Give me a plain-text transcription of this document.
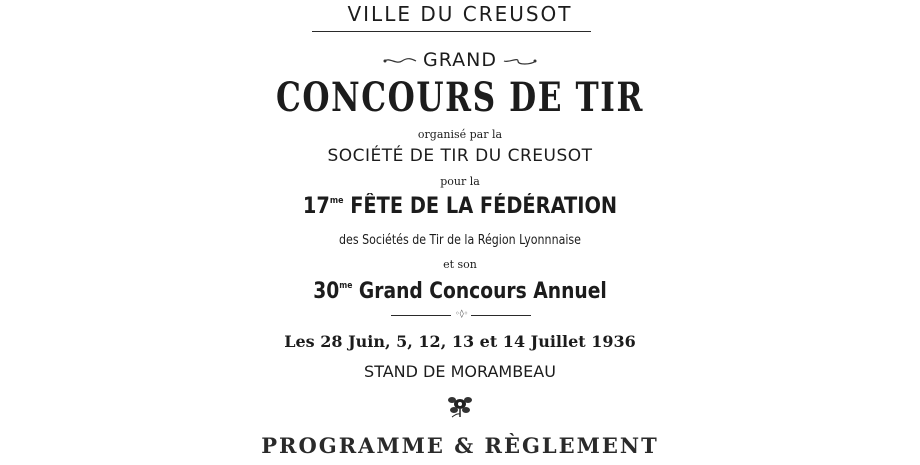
VILLE DU CREUSOT
GRAND
CONCOURS DE TIR
organisé par la
SOCIÉTÉ DE TIR DU CREUSOT
pour la
$17^{me}$ FÊTE DE LA FÉDÉRATION
des Sociétés de Tir de la Région Lyonnnaise
et son
$30^{me}$ Grand Concours Annuel
◦◊◦
Les 28 Juin, 5, 12, 13 et 14 Juillet 1936
STAND DE MORAMBEAU
PROGRAMME & RÈGLEMENT
